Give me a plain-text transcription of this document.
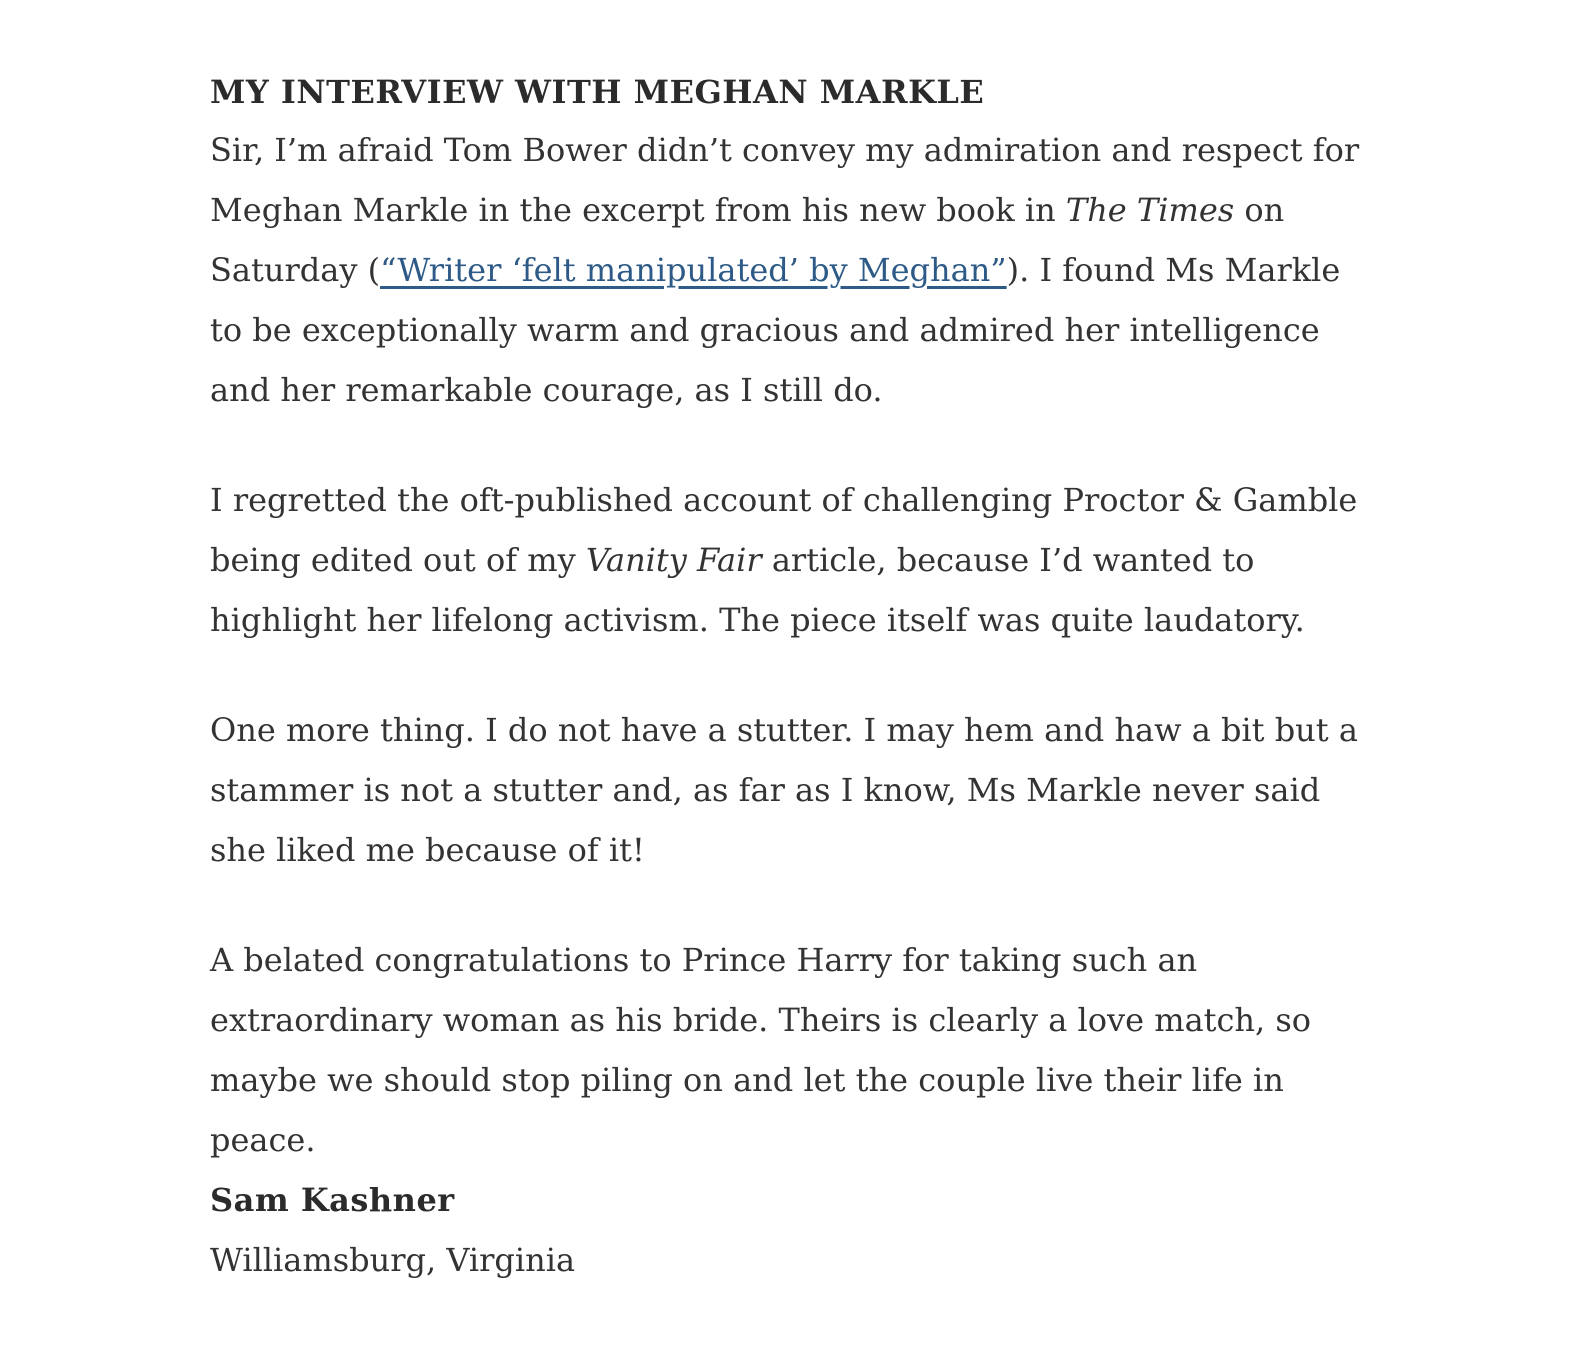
MY INTERVIEW WITH MEGHAN MARKLE

Sir, I’m afraid Tom Bower didn’t convey my admiration and respect for Meghan Markle in the excerpt from his new book in The Times on Saturday (“Writer ‘felt manipulated’ by Meghan”). I found Ms Markle to be exceptionally warm and gracious and admired her intelligence and her remarkable courage, as I still do.

I regretted the oft-published account of challenging Proctor & Gamble being edited out of my Vanity Fair article, because I’d wanted to highlight her lifelong activism. The piece itself was quite laudatory.

One more thing. I do not have a stutter. I may hem and haw a bit but a stammer is not a stutter and, as far as I know, Ms Markle never said she liked me because of it!

A belated congratulations to Prince Harry for taking such an extraordinary woman as his bride. Theirs is clearly a love match, so maybe we should stop piling on and let the couple live their life in peace.

Sam Kashner

Williamsburg, Virginia
